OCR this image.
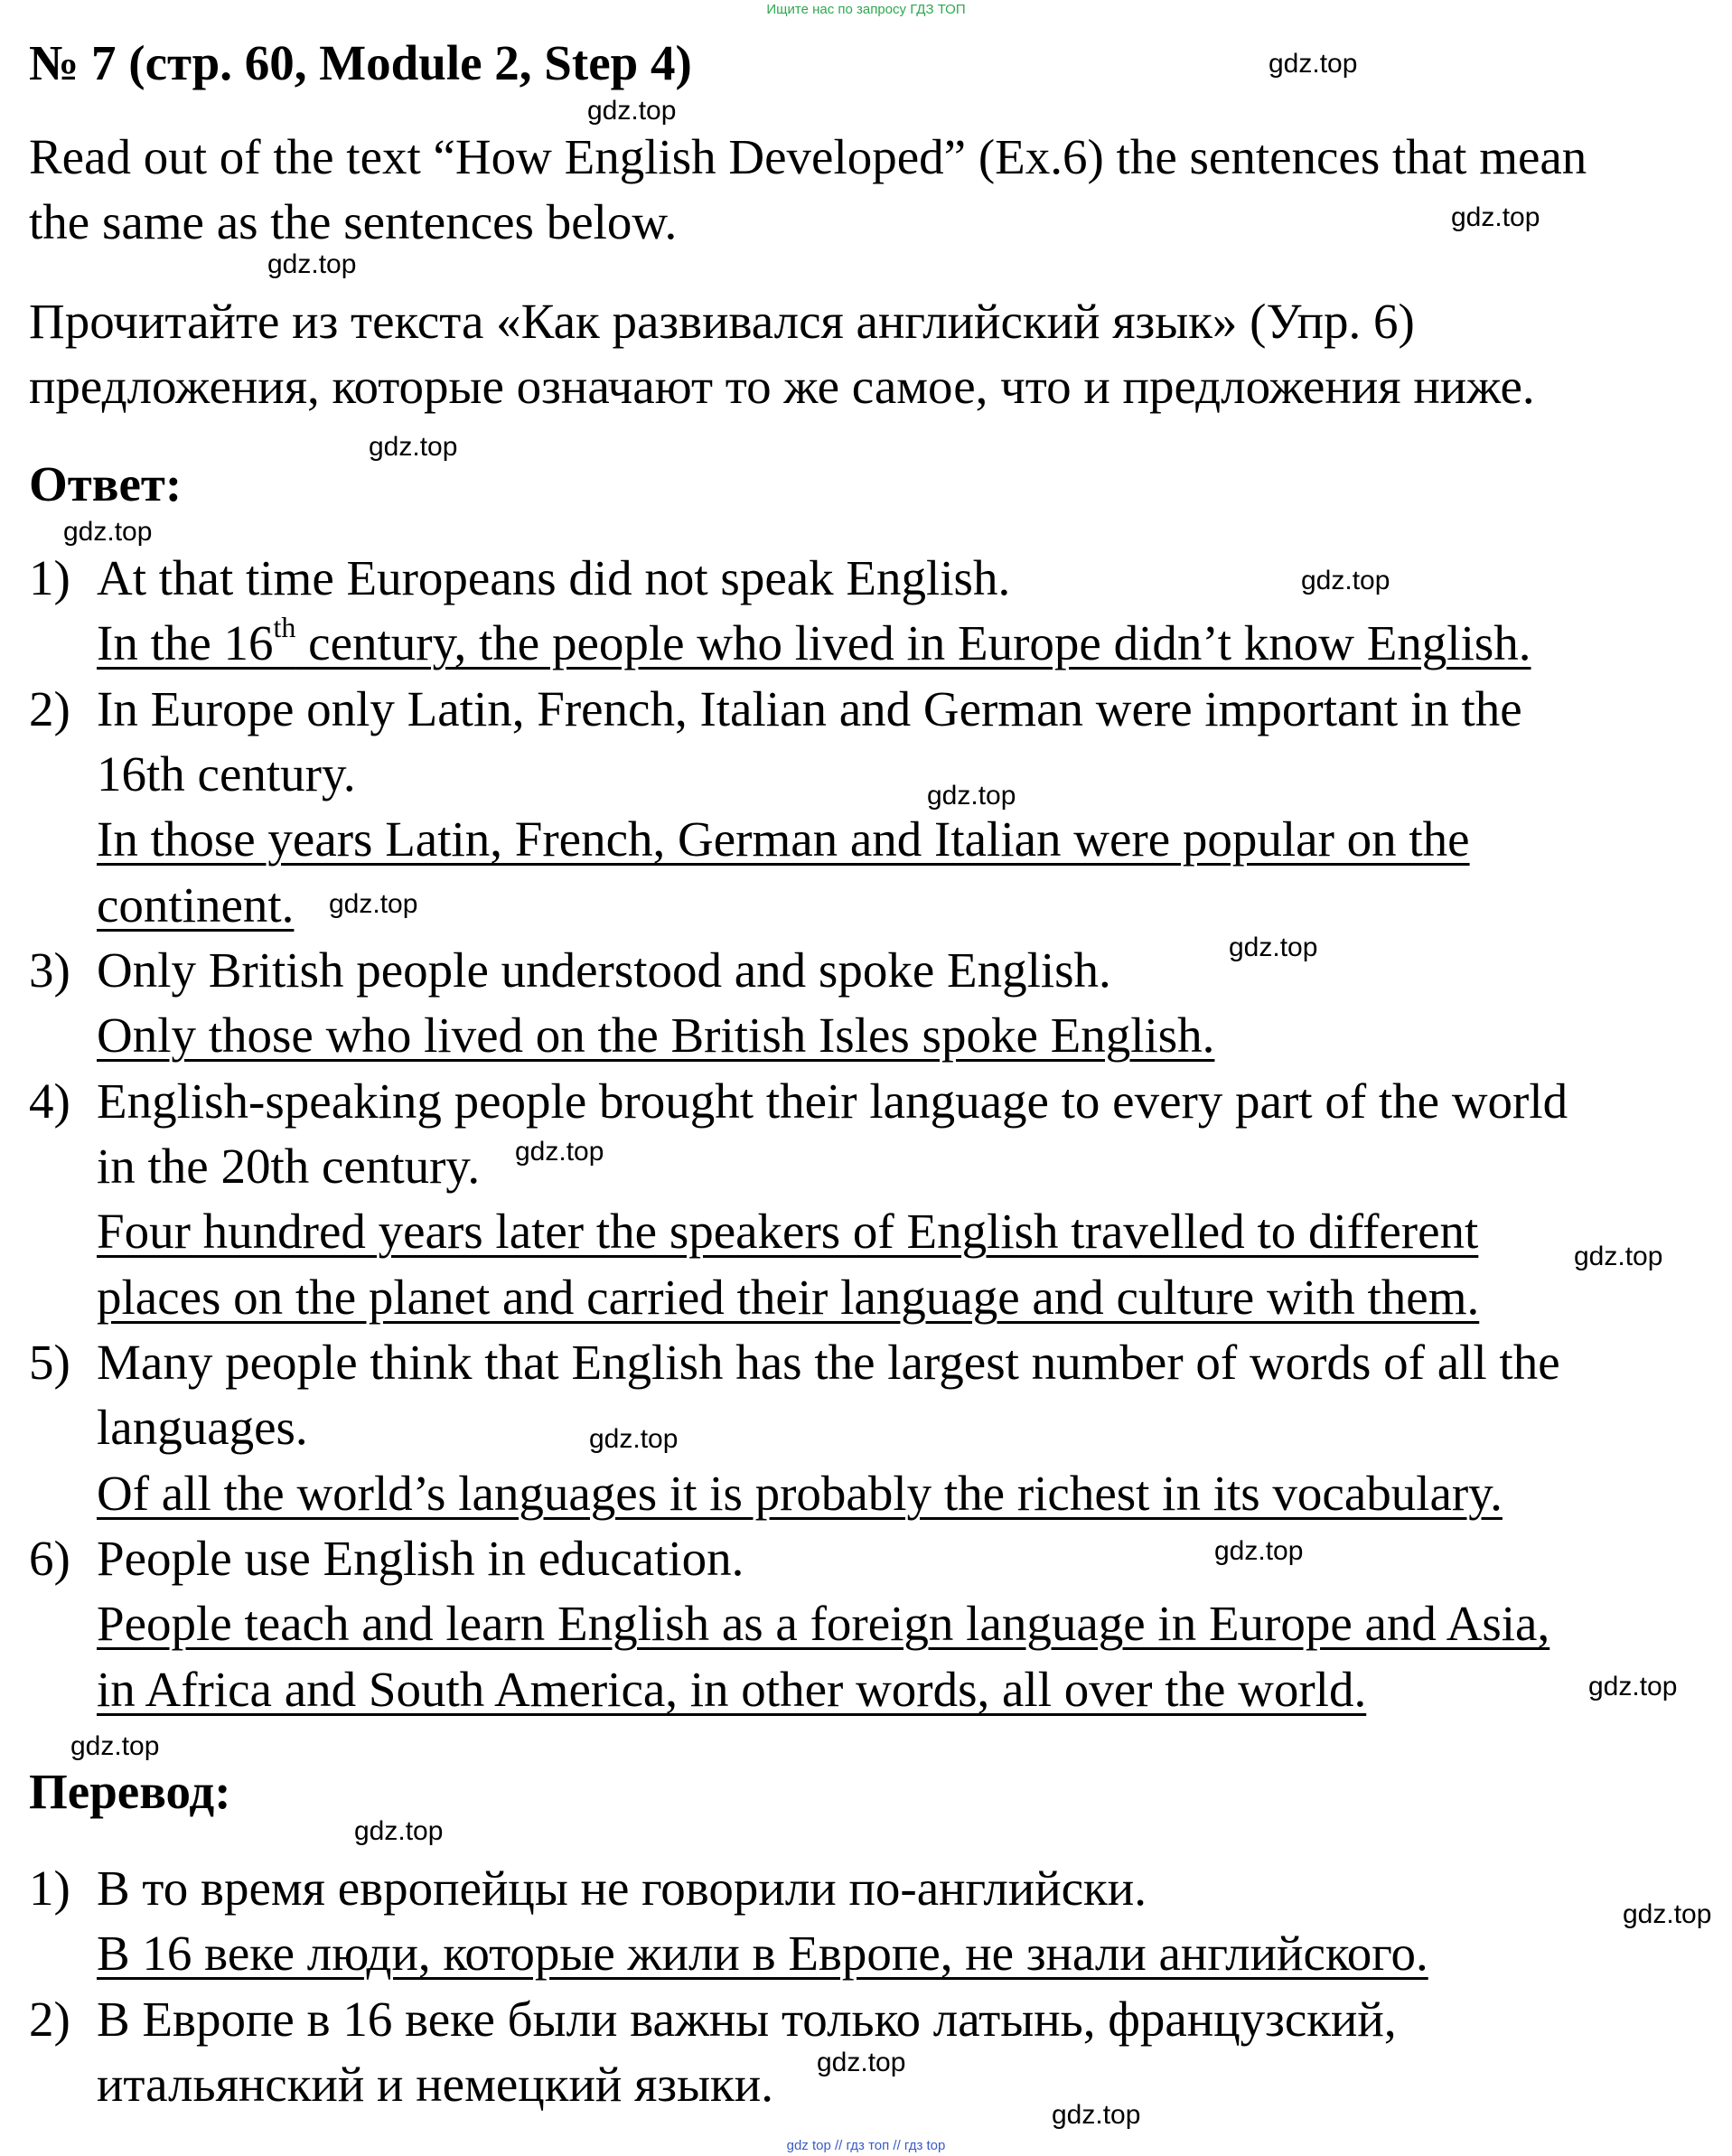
Ищите нас по запросу ГДЗ ТОП
№ 7 (стр. 60, Module 2, Step 4)
Read out of the text “How English Developed” (Ex.6) the sentences that mean
the same as the sentences below.
Прочитайте из текста «Как развивался английский язык» (Упр. 6)
предложения, которые означают то же самое, что и предложения ниже.
Ответ:
1) At that time Europeans did not speak English.
In the 16th century, the people who lived in Europe didn’t know English.
2) In Europe only Latin, French, Italian and German were important in the
16th century.
In those years Latin, French, German and Italian were popular on the
continent.
3) Only British people understood and spoke English.
Only those who lived on the British Isles spoke English.
4) English-speaking people brought their language to every part of the world
in the 20th century.
Four hundred years later the speakers of English travelled to different
places on the planet and carried their language and culture with them.
5) Many people think that English has the largest number of words of all the
languages.
Of all the world’s languages it is probably the richest in its vocabulary.
6) People use English in education.
People teach and learn English as a foreign language in Europe and Asia,
in Africa and South America, in other words, all over the world.
Перевод:
1) В то время европейцы не говорили по-английски.
В 16 веке люди, которые жили в Европе, не знали английского.
2) В Европе в 16 веке были важны только латынь, французский,
итальянский и немецкий языки.
gdz.top
gdz.top
gdz.top
gdz.top
gdz.top
gdz.top
gdz.top
gdz.top
gdz.top
gdz.top
gdz.top
gdz.top
gdz.top
gdz.top
gdz.top
gdz.top
gdz.top
gdz.top
gdz.top
gdz.top
gdz top // гдз топ // гдз top
